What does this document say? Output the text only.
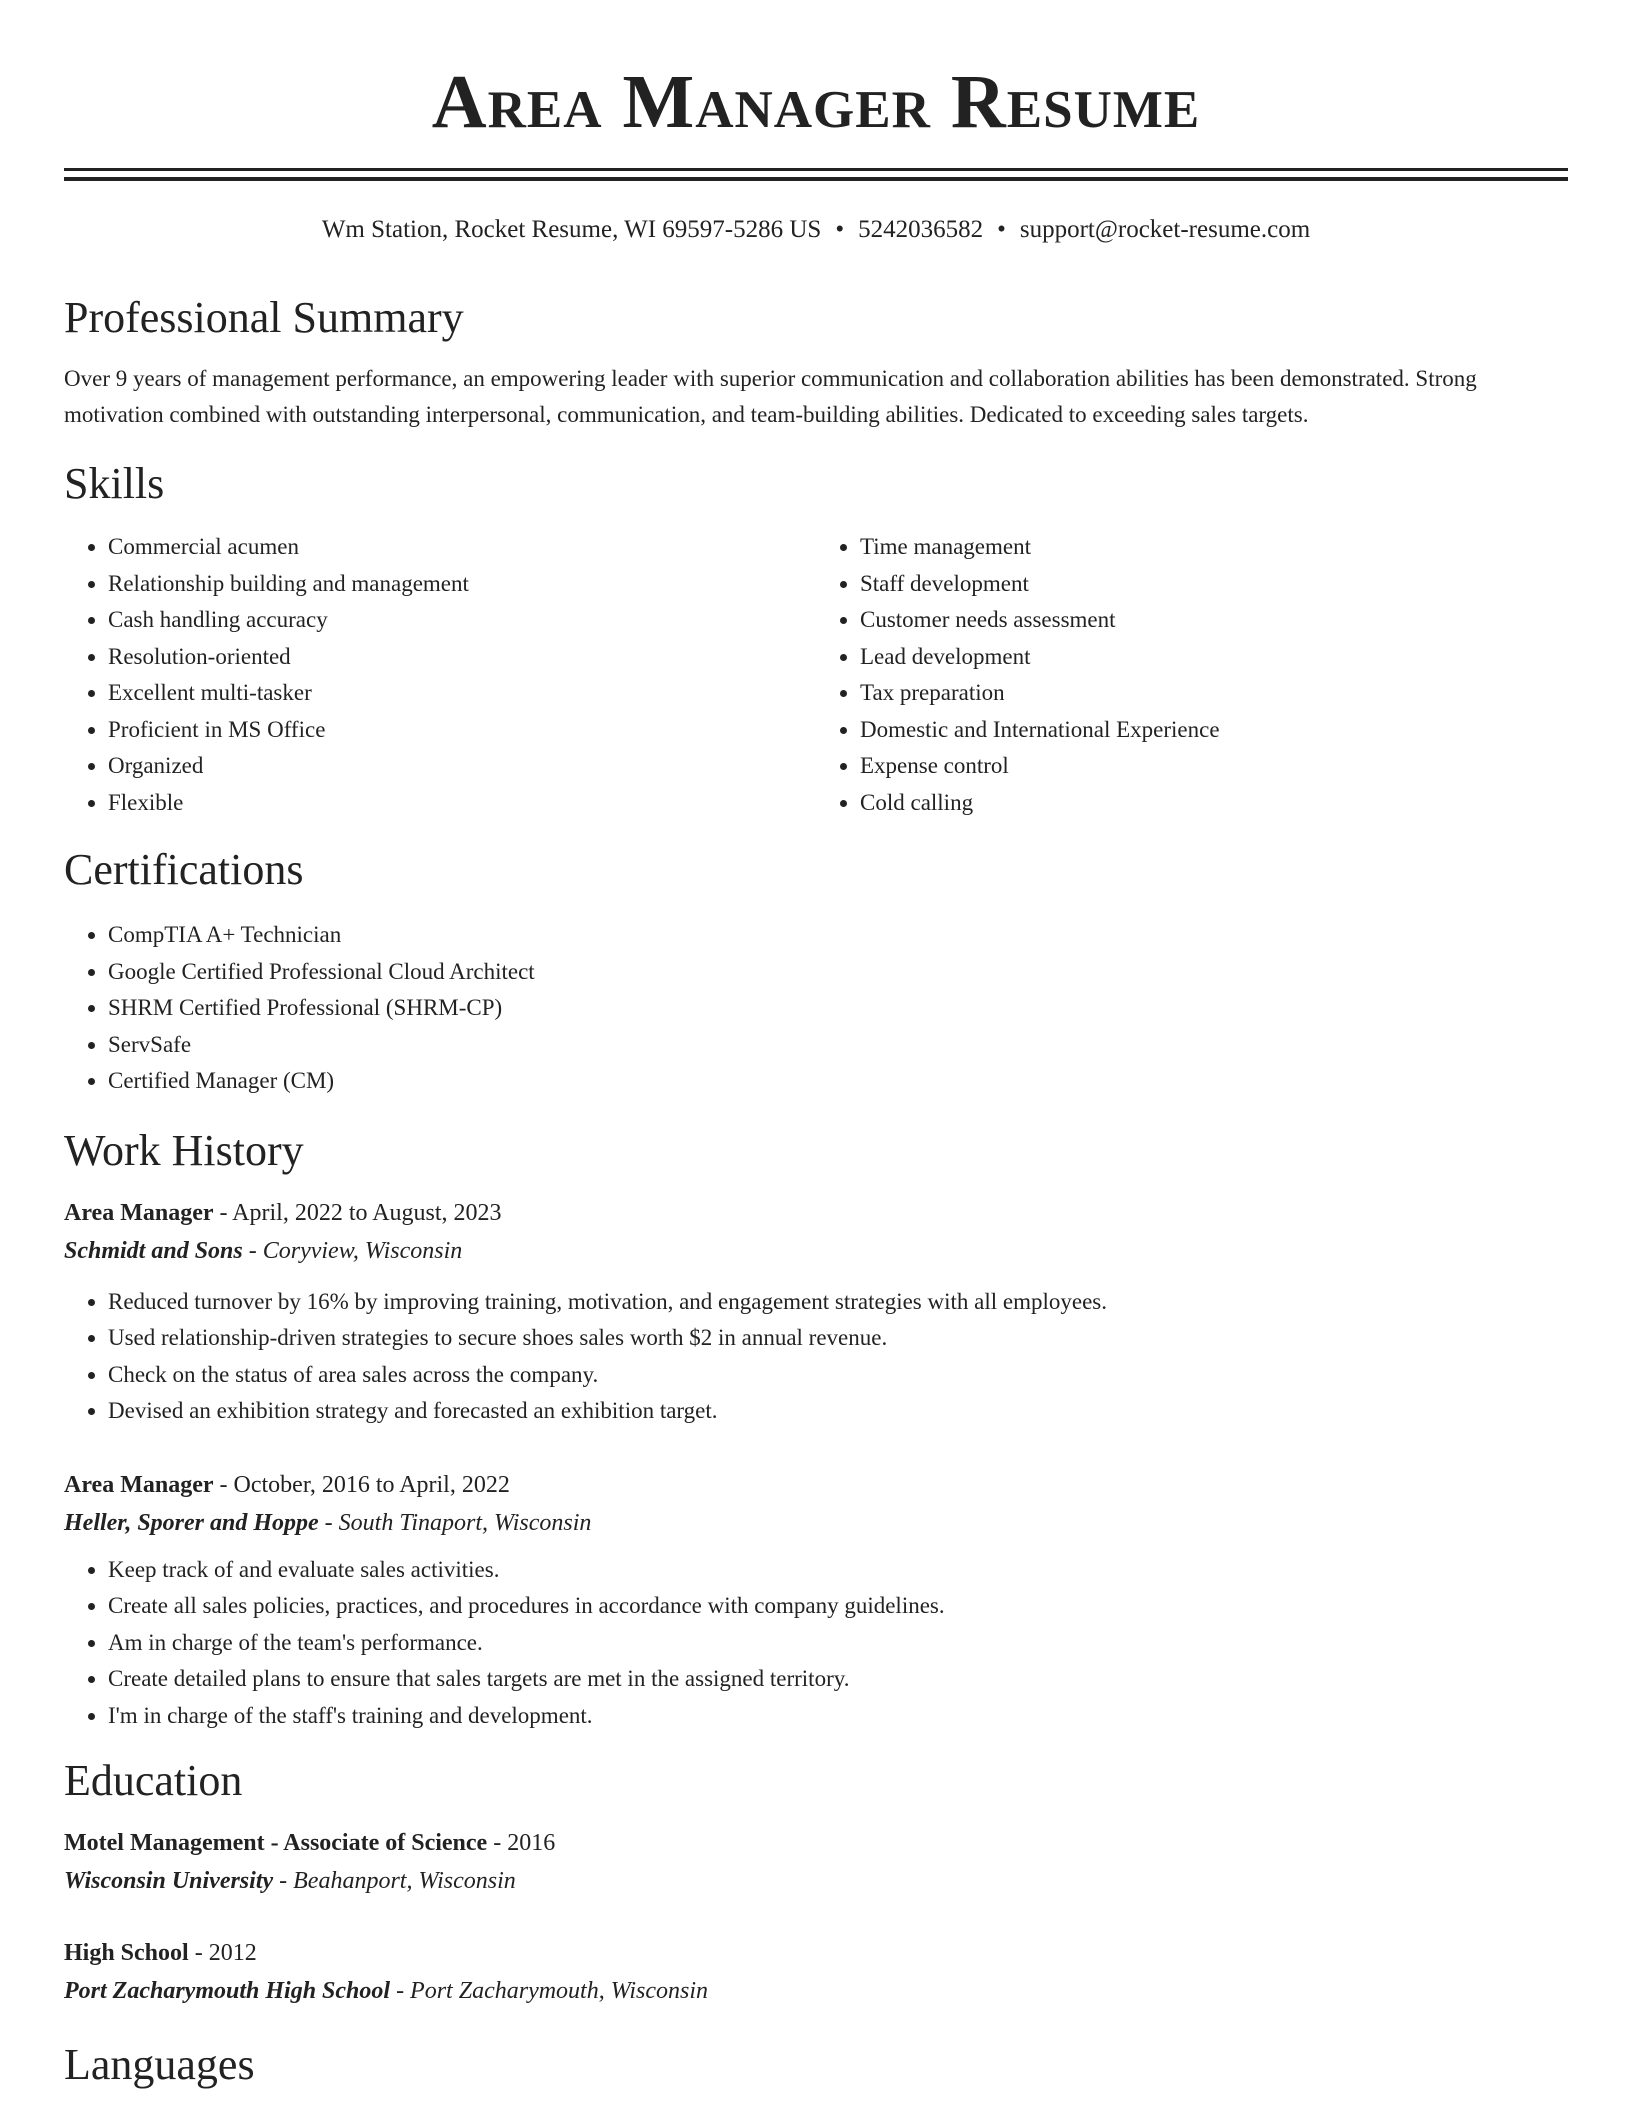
Area Manager Resume
Wm Station, Rocket Resume, WI 69597-5286 US • 5242036582 • support@rocket-resume.com
Professional Summary

Over 9 years of management performance, an empowering leader with superior communication and collaboration abilities has been demonstrated. Strong motivation combined with outstanding interpersonal, communication, and team-building abilities. Dedicated to exceeding sales targets.

Skills
• Commercial acumen
• Relationship building and management
• Cash handling accuracy
• Resolution-oriented
• Excellent multi-tasker
• Proficient in MS Office
• Organized
• Flexible
• Time management
• Staff development
• Customer needs assessment
• Lead development
• Tax preparation
• Domestic and International Experience
• Expense control
• Cold calling
Certifications
• CompTIA A+ Technician
• Google Certified Professional Cloud Architect
• SHRM Certified Professional (SHRM-CP)
• ServSafe
• Certified Manager (CM)
Work History
Area Manager - April, 2022 to August, 2023
Schmidt and Sons - Coryview, Wisconsin
• Reduced turnover by 16% by improving training, motivation, and engagement strategies with all employees.
• Used relationship-driven strategies to secure shoes sales worth $2 in annual revenue.
• Check on the status of area sales across the company.
• Devised an exhibition strategy and forecasted an exhibition target.
Area Manager - October, 2016 to April, 2022
Heller, Sporer and Hoppe - South Tinaport, Wisconsin
• Keep track of and evaluate sales activities.
• Create all sales policies, practices, and procedures in accordance with company guidelines.
• Am in charge of the team's performance.
• Create detailed plans to ensure that sales targets are met in the assigned territory.
• I'm in charge of the staff's training and development.
Education
Motel Management - Associate of Science - 2016
Wisconsin University - Beahanport, Wisconsin
High School - 2012
Port Zacharymouth High School - Port Zacharymouth, Wisconsin
Languages
